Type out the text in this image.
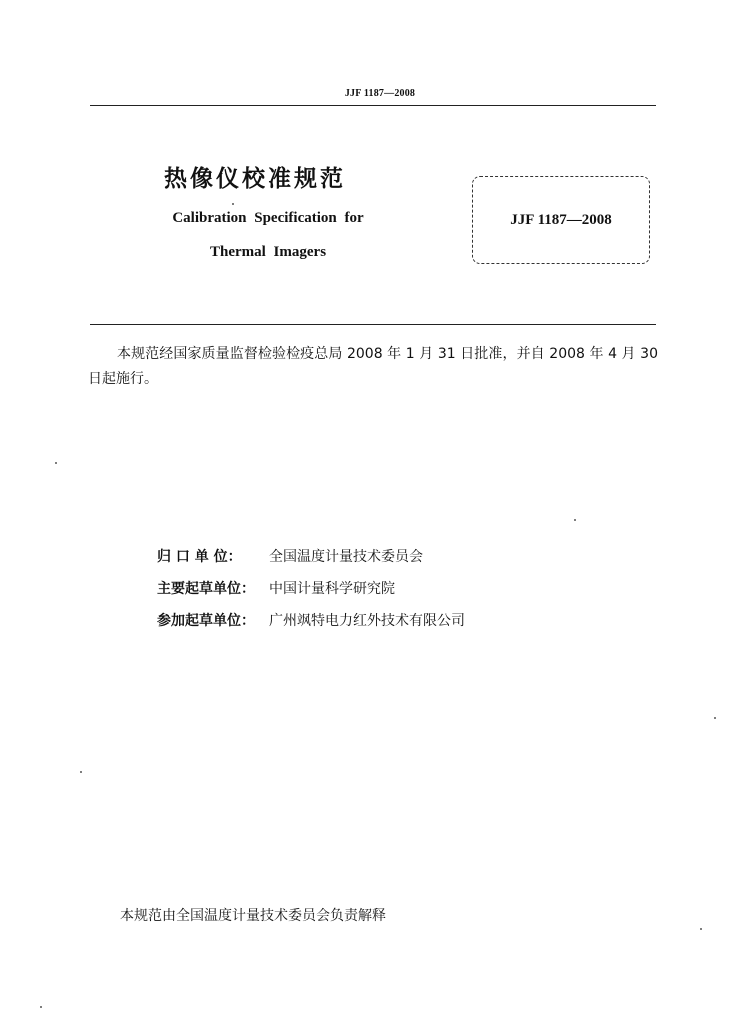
JJF 1187—2008
热像仪校准规范
Calibration Specification for
Thermal Imagers
JJF 1187—2008

本规范经国家质量监督检验检疫总局 2008 年 1 月 31 日批准，并自 2008 年 4 月 30 日起施行。

归 口 单 位： 全国温度计量技术委员会
主要起草单位： 中国计量科学研究院
参加起草单位： 广州飒特电力红外技术有限公司
本规范由全国温度计量技术委员会负责解释
